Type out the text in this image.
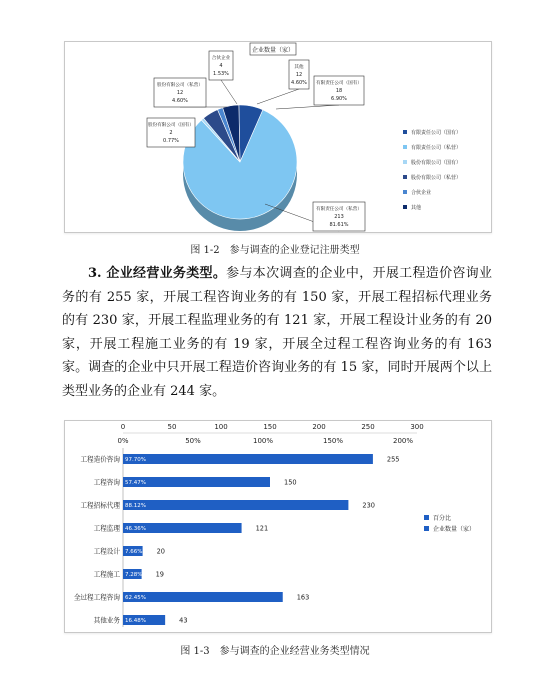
企业数量（家）
有限责任公司（国有）
18
6.90%
有限责任公司（私营）
213
81.61%
股份有限公司（国有）
2
0.77%
股份有限公司（私营）
12
4.60%
合伙企业
4
1.53%
其他
12
4.60%
有限责任公司（国有）
有限责任公司（私营）
股份有限公司（国有）
股份有限公司（私营）
合伙企业
其他
图 1-2 参与调查的企业登记注册类型
3. 企业经营业务类型。参与本次调查的企业中，开展工程造价咨询业务的有 255 家，开展工程咨询业务的有 150 家，开展工程招标代理业务的有 230 家，开展工程监理业务的有 121 家，开展工程设计业务的有 20 家，开展工程施工业务的有 19 家，开展全过程工程咨询业务的有 163 家。调查的企业中只开展工程造价咨询业务的有 15 家，同时开展两个以上类型业务的企业有 244 家。
0	50	100	150	200	250	300
0%	50%	100%	150%	200%
工程造价咨询 97.70%	255
工程咨询 57.47%	150
工程招标代理 88.12%	230
工程监理 46.36%	121
工程设计 7.66% 20
工程施工 7.28% 19
全过程工程咨询 62.45%	163
其他业务 16.48%	43
百分比
企业数量（家）
图 1-3 参与调查的企业经营业务类型情况
